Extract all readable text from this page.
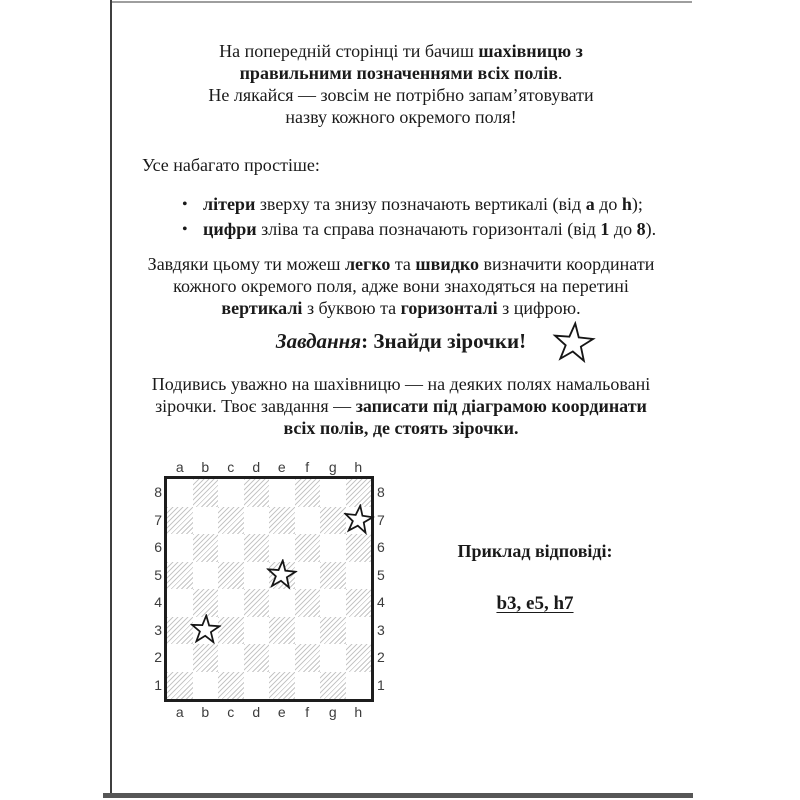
На попередній сторінці ти бачиш шахівницю з
правильними позначеннями всіх полів.
Не лякайся — зовсім не потрібно запам’ятовувати
назву кожного окремого поля!
Усе набагато простіше:
• літери зверху та знизу позначають вертикалі (від a до h);
• цифри зліва та справа позначають горизонталі (від 1 до 8).
Завдяки цьому ти можеш легко та швидко визначити координати
кожного окремого поля, адже вони знаходяться на перетині
вертикалі з буквою та горизонталі з цифрою.
Завдання: Знайди зірочки!
Подивись уважно на шахівницю — на деяких полях намальовані
зірочки. Твоє завдання — записати під діаграмою координати
всіх полів, де стоять зірочки.
a	b	c	d	e	f	g	h
8
7
6
5
4
3
2
1
8
7
6
5
4
3
2
1
a	b	c	d	e	f	g	h
Приклад відповіді:
b3, e5, h7
